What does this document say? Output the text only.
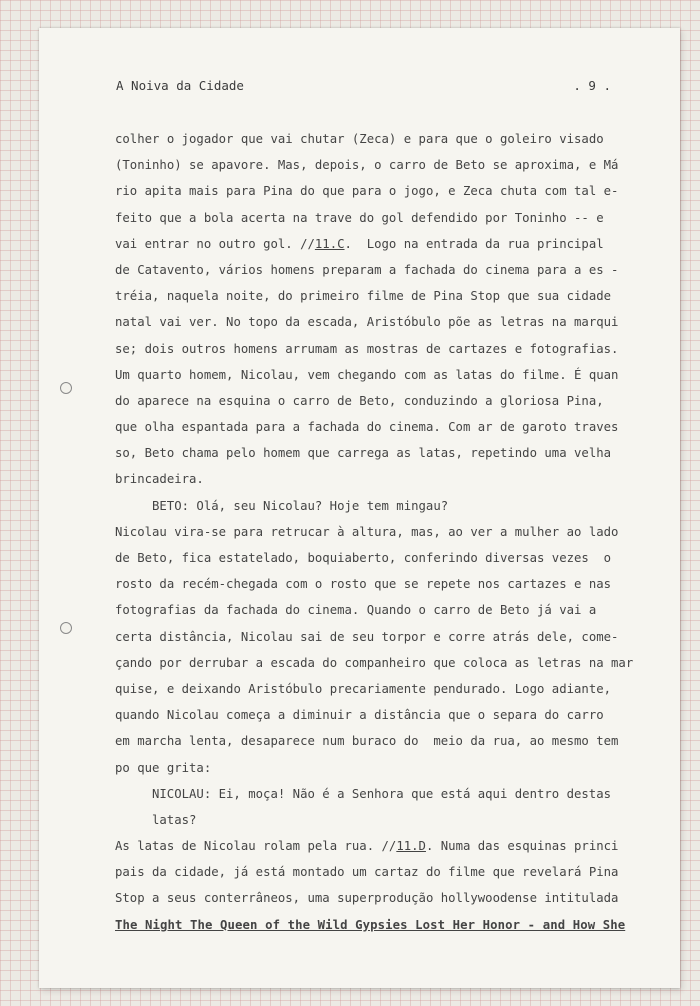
A Noiva da Cidade	. 9 .
colher o jogador que vai chutar (Zeca) e para que o goleiro visado
(Toninho) se apavore. Mas, depois, o carro de Beto se aproxima, e Má
rio apita mais para Pina do que para o jogo, e Zeca chuta com tal e-
feito que a bola acerta na trave do gol defendido por Toninho -- e
vai entrar no outro gol. //11.C.  Logo na entrada da rua principal
de Catavento, vários homens preparam a fachada do cinema para a es -
tréia, naquela noite, do primeiro filme de Pina Stop que sua cidade
natal vai ver. No topo da escada, Aristóbulo põe as letras na marqui
se; dois outros homens arrumam as mostras de cartazes e fotografias.
Um quarto homem, Nicolau, vem chegando com as latas do filme. É quan
do aparece na esquina o carro de Beto, conduzindo a gloriosa Pina,
que olha espantada para a fachada do cinema. Com ar de garoto traves
so, Beto chama pelo homem que carrega as latas, repetindo uma velha
brincadeira.
BETO: Olá, seu Nicolau? Hoje tem mingau?
Nicolau vira-se para retrucar à altura, mas, ao ver a mulher ao lado
de Beto, fica estatelado, boquiaberto, conferindo diversas vezes  o
rosto da recém-chegada com o rosto que se repete nos cartazes e nas
fotografias da fachada do cinema. Quando o carro de Beto já vai a
certa distância, Nicolau sai de seu torpor e corre atrás dele, come-
çando por derrubar a escada do companheiro que coloca as letras na mar
quise, e deixando Aristóbulo precariamente pendurado. Logo adiante,
quando Nicolau começa a diminuir a distância que o separa do carro
em marcha lenta, desaparece num buraco do  meio da rua, ao mesmo tem
po que grita:
NICOLAU: Ei, moça! Não é a Senhora que está aqui dentro destas
latas?
As latas de Nicolau rolam pela rua. //11.D. Numa das esquinas princi
pais da cidade, já está montado um cartaz do filme que revelará Pina
Stop a seus conterrâneos, uma superprodução hollywoodense intitulada
The Night The Queen of the Wild Gypsies Lost Her Honor - and How She
